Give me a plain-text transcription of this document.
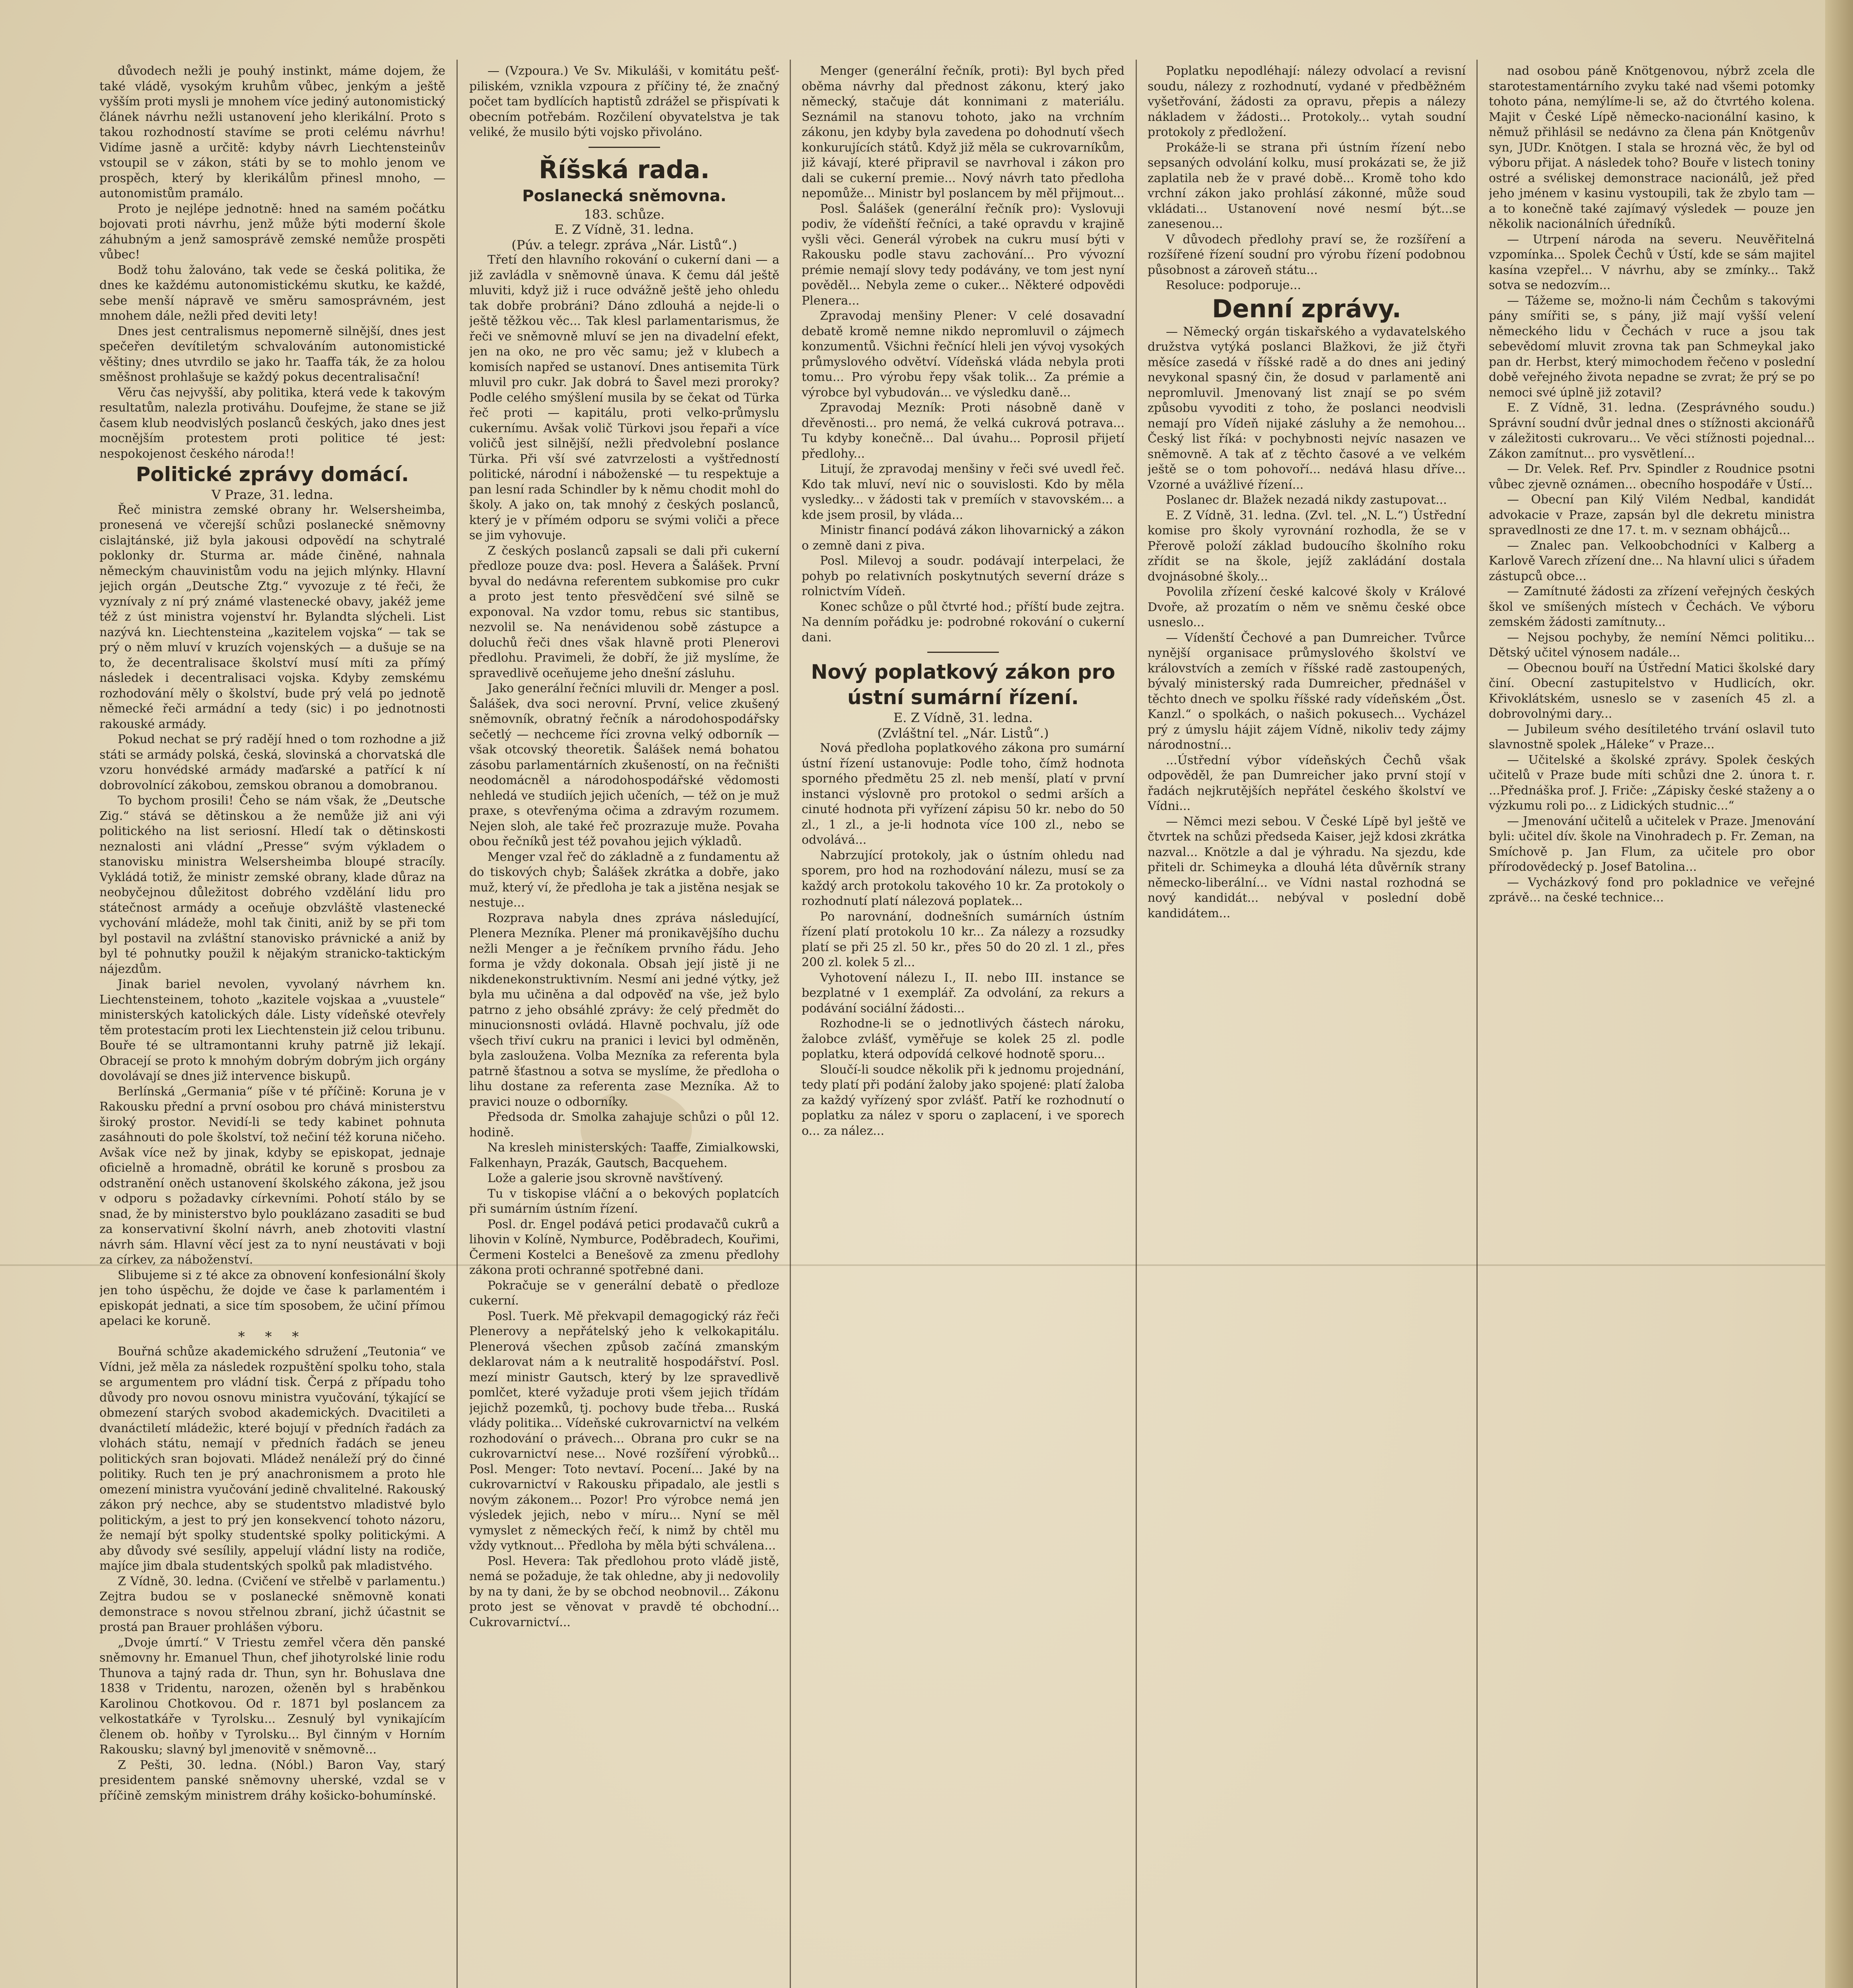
důvodech nežli je pouhý instinkt, máme dojem, že také vládě, vysokým kruhům vůbec, jenkým a ještě vyšším proti mysli je mnohem více jediný autonomistický článek návrhu nežli ustanovení jeho klerikální. Proto s takou rozhodností stavíme se proti celému návrhu! Vidíme jasně a určitě: kdyby návrh Liechtensteinův vstoupil se v zákon, státi by se to mohlo jenom ve prospěch, který by klerikálům přinesl mnoho, — autonomistům pramálo.

Proto je nejlépe jednotně: hned na samém počátku bojovati proti návrhu, jenž může býti moderní škole záhubným a jenž samosprávě zemské nemůže prospěti vůbec!

Bodž tohu žalováno, tak vede se česká politika, že dnes ke každému autonomistickému skutku, ke každé, sebe menší nápravě ve směru samosprávném, jest mnohem dále, nežli před deviti lety!

Dnes jest centralismus nepomerně silnější, dnes jest spečeřen devítiletým schvalováním autonomistické věštiny; dnes utvrdilo se jako hr. Taaffa ták, že za holou směšnost prohlašuje se každý pokus decentralisační!

Věru čas nejvyšší, aby politika, která vede k takovým resultatům, nalezla protiváhu. Doufejme, že stane se již časem klub neodvislých poslanců českých, jako dnes jest mocnějším protestem proti politice té jest: nespokojenost českého národa!!

Politické zprávy domácí.

V Praze, 31. ledna.

Řeč ministra zemské obrany hr. Welsersheimba, pronesená ve včerejší schůzi poslanecké sněmovny cislajtánské, již byla jakousi odpovědí na schytralé poklonky dr. Sturma ar. máde činěné, nahnala německým chauvinistům vodu na jejich mlýnky. Hlavní jejich orgán „Deutsche Ztg.“ vyvozuje z té řeči, že vyznívaly z ní prý známé vlastenecké obavy, jakéž jeme též z úst ministra vojenství hr. Bylandta slýcheli. List nazývá kn. Liechtensteina „kazitelem vojska“ — tak se prý o něm mluví v kruzích vojenských — a dušuje se na to, že decentralisace školství musí míti za přímý následek i decentralisaci vojska. Kdyby zemskému rozhodování měly o školství, bude prý velá po jednotě německé řeči armádní a tedy (sic) i po jednotnosti rakouské armády.

Pokud nechat se prý radějí hned o tom rozhodne a již státi se armády polská, česká, slovinská a chorvatská dle vzoru honvédské armády maďarské a patřící k ní dobrovolnící zákobou, zemskou obranou a domobranou.

To bychom prosili! Čeho se nám však, že „Deutsche Zig.“ stává se dětinskou a že nemůže již ani výi politického na list seriosní. Hledí tak o dětinskosti neznalosti ani vládní „Presse“ svým výkladem o stanovisku ministra Welsersheimba bloupé stracíly. Vykládá totiž, že ministr zemské obrany, klade důraz na neobyčejnou důležitost dobrého vzdělání lidu pro státečnost armády a oceňuje obzvláště vlastenecké vychování mládeže, mohl tak činiti, aniž by se při tom byl postavil na zvláštní stanovisko právnické a aniž by byl té pohnutky použil k nějakým stranicko-taktickým nájezdům.

Jinak bariel nevolen, vyvolaný návrhem kn. Liechtensteinem, tohoto „kazitele vojskaa a „vuustele“ ministerských katolických dále. Listy vídeňské otevřely těm protestacím proti lex Liechtenstein již celou tribunu. Bouře té se ultramontanni kruhy patrně již lekají. Obracejí se proto k mnohým dobrým dobrým jich orgány dovolávají se dnes již intervence biskupů.

Berlínská „Germania“ píše v té příčině: Koruna je v Rakousku přední a první osobou pro chává ministerstvu široký prostor. Nevidí-li se tedy kabinet pohnuta zasáhnouti do pole školství, tož nečiní též koruna ničeho. Avšak více než by jinak, kdyby se episkopat, jednaje oficielně a hromadně, obrátil ke koruně s prosbou za odstranění oněch ustanovení školského zákona, jež jsou v odporu s požadavky církevními. Pohotí stálo by se snad, že by ministerstvo bylo pouklázano zasaditi se bud za konservativní školní návrh, aneb zhotoviti vlastní návrh sám. Hlavní věcí jest za to nyní neustávati v boji za církev, za náboženství.

Slibujeme si z té akce za obnovení konfesionální školy jen toho úspěchu, že dojde ve čase k parlamentém i episkopát jednati, a sice tím sposobem, že učiní přímou apelaci ke koruně.

* * *

Bouřná schůze akademického sdružení „Teutonia“ ve Vídni, jež měla za následek rozpuštění spolku toho, stala se argumentem pro vládní tisk. Čerpá z případu toho důvody pro novou osnovu ministra vyučování, týkající se obmezení starých svobod akademických. Dvacitileti a dvanáctiletí mládežic, které bojují v předních řadách za vlohách státu, nemají v předních řadách se jeneu politických sran bojovati. Mládež nenáleží prý do činné politiky. Ruch ten je prý anachronismem a proto hle omezení ministra vyučování jedině chvalitelné. Rakouský zákon prý nechce, aby se studentstvo mladistvé bylo politickým, a jest to prý jen konsekvencí tohoto názoru, že nemají být spolky studentské spolky politickými. A aby důvody své sesílily, appelují vládní listy na rodiče, majíce jim dbala studentských spolků pak mladistvého.

Z Vídně, 30. ledna. (Cvičení ve střelbě v parlamentu.) Zejtra budou se v poslanecké sněmovně konati demonstrace s novou střelnou zbraní, jichž účastnit se prostá pan Brauer prohlášen výboru.

„Dvoje úmrtí.“ V Triestu zemřel včera děn panské sněmovny hr. Emanuel Thun, chef jihotyrolské linie rodu Thunova a tajný rada dr. Thun, syn hr. Bohuslava dne 1838 v Tridentu, narozen, oženěn byl s hraběnkou Karolinou Chotkovou. Od r. 1871 byl poslancem za velkostatkáře v Tyrolsku... Zesnulý byl vynikajícím členem ob. hoňby v Tyrolsku... Byl činným v Horním Rakousku; slavný byl jmenovitě v sněmovně...

Z Pešti, 30. ledna. (Nóbl.) Baron Vay, starý presidentem panské sněmovny uherské, vzdal se v příčině zemským ministrem dráhy košicko-bohumínské.

— (Vzpoura.) Ve Sv. Mikuláši, v komitátu pešť-piliském, vznikla vzpoura z příčiny té, že značný počet tam bydlících haptistů zdrážel se přispívati k obecním potřebám. Rozčilení obyvatelstva je tak veliké, že musilo býti vojsko přivoláno.

Říšská rada.

Poslanecká sněmovna.

183. schůze.

E. Z Vídně, 31. ledna.

(Púv. a telegr. zpráva „Nár. Listů“.)

Třetí den hlavního rokování o cukerní dani — a již zavládla v sněmovně únava. K čemu dál ještě mluviti, když již i ruce odvážně ještě jeho ohledu tak dobře probráni? Dáno zdlouhá a nejde-li o ještě těžkou věc... Tak klesl parlamentarismus, že řeči ve sněmovně mluví se jen na divadelní efekt, jen na oko, ne pro věc samu; jež v klubech a komisích napřed se ustanoví. Dnes antisemita Türk mluvil pro cukr. Jak dobrá to Šavel mezi proroky? Podle celého smýšlení musila by se čekat od Türka řeč proti — kapitálu, proti velko-průmyslu cukernímu. Avšak volič Türkovi jsou řepaři a více voličů jest silnější, nežli předvolební poslance Türka. Při vší své zatvrzelosti a vyštředností politické, národní i náboženské — tu respektuje a pan lesní rada Schindler by k němu chodit mohl do školy. A jako on, tak mnohý z českých poslanců, který je v přímém odporu se svými voliči a přece se jim vyhovuje.

Z českých poslanců zapsali se dali při cukerní předloze pouze dva: posl. Hevera a Šalášek. První byval do nedávna referentem subkomise pro cukr a proto jest tento přesvědčení své silně se exponoval. Na vzdor tomu, rebus sic stantibus, nezvolil se. Na nenávidenou sobě zástupce a doluchů řeči dnes však hlavně proti Plenerovi předlohu. Pravimeli, že dobří, že již myslíme, že spravedlivě oceňujeme jeho dnešní zásluhu.

Jako generální řečníci mluvili dr. Menger a posl. Šalášek, dva soci nerovní. První, velice zkušený sněmovník, obratný řečník a národohospodářsky sečetlý — nechceme říci zrovna velký odborník — však otcovský theoretik. Šalášek nemá bohatou zásobu parlamentárních zkušeností, on na řečništi neodomácněl a národohospodářské vědomosti nehledá ve studiích jejich učeních, — též on je muž praxe, s otevřenýma očima a zdravým rozumem. Nejen sloh, ale také řeč prozrazuje muže. Povaha obou řečníků jest též povahou jejich výkladů.

Menger vzal řeč do základně a z fundamentu až do tiskových chyb; Šalášek zkrátka a dobře, jako muž, který ví, že předloha je tak a jistěna nesjak se nestuje...

Rozprava nabyla dnes zpráva následující, Plenera Mezníka. Plener má pronikavějšího duchu nežli Menger a je řečníkem prvního řádu. Jeho forma je vždy dokonala. Obsah její jistě ji ne nikdenekonstruktivním. Nesmí ani jedné výtky, jež byla mu učiněna a dal odpověď na vše, jež bylo patrno z jeho obsáhlé zprávy: že celý předmět do minucionsnosti ovládá. Hlavně pochvalu, jíž ode všech třiví cukru na pranici i levici byl odměněn, byla zasloužena. Volba Mezníka za referenta byla patrně šťastnou a sotva se myslíme, že předloha o lihu dostane za referenta zase Mezníka. Až to pravici nouze o odborníky.

Předsoda dr. Smolka zahajuje schůzi o půl 12. hodině.

Na kresleh ministerských: Taaffe, Zimialkowski, Falkenhayn, Prazák, Gautsch, Bacquehem.

Lože a galerie jsou skrovně navštívený.

Tu v tiskopise vláční a o bekových poplatcích při sumárním ústním řízení.

Posl. dr. Engel podává petici prodavačů cukrů a lihovin v Kolíně, Nymburce, Poděbradech, Kouřimi, Čermeni Kostelci a Benešově za zmenu předlohy zákona proti ochranné spotřebné dani.

Pokračuje se v generální debatě o předloze cukerní.

Posl. Tuerk. Mě překvapil demagogický ráz řeči Plenerovy a nepřátelský jeho k velkokapitálu. Plenerová všechen způsob začíná zmanským deklarovat nám a k neutralitě hospodářství. Posl. mezí ministr Gautsch, který by lze spravedlivě pomlčet, které vyžaduje proti všem jejich třídám jejichž pozemků, tj. pochovy bude třeba... Ruská vlády politika... Vídeňské cukrovarnictví na velkém rozhodování o právech... Obrana pro cukr se na cukrovarnictví nese... Nové rozšíření výrobků... Posl. Menger: Toto nevtaví. Pocení... Jaké by na cukrovarnictví v Rakousku připadalo, ale jestli s novým zákonem... Pozor! Pro výrobce nemá jen výsledek jejich, nebo v míru... Nyní se měl vymyslet z německých řečí, k nimž by chtěl mu vždy vytknout... Předloha by měla býti schválena...

Posl. Hevera: Tak předlohou proto vládě jistě, nemá se požaduje, že tak ohledne, aby ji nedovolily by na ty dani, že by se obchod neobnovil... Zákonu proto jest se věnovat v pravdě té obchodní... Cukrovarnictví...

Menger (generální řečník, proti): Byl bych před oběma návrhy dal přednost zákonu, který jako německý, stačuje dát konnimani z materiálu. Seznámil na stanovu tohoto, jako na vrchním zákonu, jen kdyby byla zavedena po dohodnutí všech konkurujících států. Když již měla se cukrovarníkům, již kávají, které připravil se navrhoval i zákon pro dali se cukerní premie... Nový návrh tato předloha nepomůže... Ministr byl poslancem by měl přijmout...

Posl. Šalášek (generální řečník pro): Vyslovuji podiv, že vídeňští řečníci, a také opravdu v krajině vyšli věci. Generál výrobek na cukru musí býti v Rakousku podle stavu zachování... Pro vývozní prémie nemají slovy tedy podávány, ve tom jest nyní pověděl... Nebyla zeme o cuker... Některé odpovědi Plenera...

Zpravodaj menšiny Plener: V celé dosavadní debatě kromě nemne nikdo nepromluvil o zájmech konzumentů. Všichni řečnící hleli jen vývoj vysokých průmyslového odvětví. Vídeňská vláda nebyla proti tomu... Pro výrobu řepy však tolik... Za prémie a výrobce byl vybudován... ve výsledku daně...

Zpravodaj Mezník: Proti násobně daně v dřevěnosti... pro nemá, že velká cukrová potrava... Tu kdyby konečně... Dal úvahu... Poprosil přijetí předlohy...

Litují, že zpravodaj menšiny v řeči své uvedl řeč. Kdo tak mluví, neví nic o souvislosti. Kdo by měla vysledky... v žádosti tak v premíích v stavovském... a kde jsem prosil, by vláda...

Ministr financí podává zákon lihovarnický a zákon o zemně dani z piva.

Posl. Milevoj a soudr. podávají interpelaci, že pohyb po relativních poskytnutých severní dráze s rolnictvím Vídeň.

Konec schůze o půl čtvrté hod.; příští bude zejtra. Na denním pořádku je: podrobné rokování o cukerní dani.

Nový poplatkový zákon pro ústní sumární řízení.

E. Z Vídně, 31. ledna.

(Zvláštní tel. „Nár. Listů“.)

Nová předloha poplatkového zákona pro sumární ústní řízení ustanovuje: Podle toho, čímž hodnota sporného předmětu 25 zl. neb menší, platí v první instanci výslovně pro protokol o sedmi arších a cinuté hodnota při vyřízení zápisu 50 kr. nebo do 50 zl., 1 zl., a je-li hodnota více 100 zl., nebo se odvolává...

Nabrzující protokoly, jak o ústním ohledu nad sporem, pro hod na rozhodování nálezu, musí se za každý arch protokolu takového 10 kr. Za protokoly o rozhodnutí platí nálezová poplatek...

Po narovnání, dodnešních sumárních ústním řízení platí protokolu 10 kr... Za nálezy a rozsudky platí se při 25 zl. 50 kr., přes 50 do 20 zl. 1 zl., přes 200 zl. kolek 5 zl...

Vyhotovení nálezu I., II. nebo III. instance se bezplatné v 1 exemplář. Za odvolání, za rekurs a podávání sociální žádosti...

Rozhodne-li se o jednotlivých částech nároku, žalobce zvlášť, vyměřuje se kolek 25 zl. podle poplatku, která odpovídá celkové hodnotě sporu...

Sloučí-li soudce několik při k jednomu projednání, tedy platí při podání žaloby jako spojené: platí žaloba za každý vyřízený spor zvlášť. Patří ke rozhodnutí o poplatku za nález v sporu o zaplacení, i ve sporech o... za nález...

Poplatku nepodléhají: nálezy odvolací a revisní soudu, nálezy z rozhodnutí, vydané v předběžném vyšetřování, žádosti za opravu, přepis a nálezy nákladem v žádosti... Protokoly... vytah soudní protokoly z předložení.

Prokáže-li se strana při ústním řízení nebo sepsaných odvolání kolku, musí prokázati se, že již zaplatila neb že v pravé době... Kromě toho kdo vrchní zákon jako prohlásí zákonné, může soud vkládati... Ustanovení nové nesmí být...se zanesenou...

V důvodech předlohy praví se, že rozšíření a rozšířené řízení soudní pro výrobu řízení podobnou působnost a zároveň státu...

Resoluce: podporuje...

Denní zprávy.

— Německý orgán tiskařského a vydavatelského družstva vytýká poslanci Blažkovi, že již čtyři měsíce zasedá v říšské radě a do dnes ani jediný nevykonal spasný čin, že dosud v parlamentě ani nepromluvil. Jmenovaný list znají se po svém způsobu vyvoditi z toho, že poslanci neodvisli nemají pro Vídeň nijaké zásluhy a že nemohou... Český list říká: v pochybnosti nejvíc nasazen ve sněmovně. A tak ať z těchto časové a ve velkém ještě se o tom pohovoří... nedává hlasu dříve... Vzorné a uvážlivé řízení...

Poslanec dr. Blažek nezadá nikdy zastupovat...

E. Z Vídně, 31. ledna. (Zvl. tel. „N. L.“) Ústřední komise pro školy vyrovnání rozhodla, že se v Přerově položí základ budoucího školního roku zřídit se na škole, jejíž zakládání dostala dvojnásobné školy...

Povolila zřízení české kalcové školy v Králové Dvoře, až prozatím o něm ve sněmu české obce usneslo...

— Vídenští Čechové a pan Dumreicher. Tvůrce nynější organisace průmyslového školství ve královstvích a zemích v říšské radě zastoupených, bývalý ministerský rada Dumreicher, přednášel v těchto dnech ve spolku říšské rady vídeňském „Öst. Kanzl.“ o spolkách, o našich pokusech... Vycházel prý z úmyslu hájit zájem Vídně, nikoliv tedy zájmy národnostní...

...Ústřední výbor vídeňských Čechů však odpověděl, že pan Dumreicher jako první stojí v řadách nejkrutějších nepřátel českého školství ve Vídni...

— Němci mezi sebou. V České Lípě byl ještě ve čtvrtek na schůzi předseda Kaiser, jejž kdosi zkrátka nazval... Knötzle a dal je výhradu. Na sjezdu, kde přiteli dr. Schimeyka a dlouhá léta důvěrník strany německo-liberální... ve Vídni nastal rozhodná se nový kandidát... nebýval v poslední době kandidátem...

nad osobou páně Knötgenovou, nýbrž zcela dle starotestamentárního zvyku také nad všemi potomky tohoto pána, nemýlíme-li se, až do čtvrtého kolena. Majit v České Lípě německo-nacionální kasino, k němuž přihlásil se nedávno za člena pán Knötgenův syn, JUDr. Knötgen. I stala se hrozná věc, že byl od výboru přijat. A následek toho? Bouře v listech toniny ostré a svéliskej demonstrace nacionálů, jež před jeho jménem v kasinu vystoupili, tak že zbylo tam — a to konečně také zajímavý výsledek — pouze jen několik nacionálních úředníků.

— Utrpení národa na severu. Neuvěřitelná vzpomínka... Spolek Čechů v Ústí, kde se sám majitel kasína vzepřel... V návrhu, aby se zmínky... Takž sotva se nedozvím...

— Tážeme se, možno-li nám Čechům s takovými pány smířiti se, s pány, již mají vyšší velení německého lidu v Čechách v ruce a jsou tak sebevědomí mluvit zrovna tak pan Schmeykal jako pan dr. Herbst, který mimochodem řečeno v poslední době veřejného života nepadne se zvrat; že prý se po nemoci své úplně již zotavil?

E. Z Vídně, 31. ledna. (Zesprávného soudu.) Správní soudní dvůr jednal dnes o stížnosti akcionářů v záležitosti cukrovaru... Ve věci stížnosti pojednal... Zákon zamítnut... pro vysvětlení...

— Dr. Velek. Ref. Prv. Spindler z Roudnice psotni vůbec zjevně oznámen... obecního hospodáře v Ústí...

— Obecní pan Kilý Vilém Nedbal, kandidát advokacie v Praze, zapsán byl dle dekretu ministra spravedlnosti ze dne 17. t. m. v seznam obhájců...

— Znalec pan. Velkoobchodníci v Kalberg a Karlově Varech zřízení dne... Na hlavní ulici s úřadem zástupců obce...

— Zamítnuté žádosti za zřízení veřejných českých škol ve smíšených místech v Čechách. Ve výboru zemském žádosti zamítnuty...

— Nejsou pochyby, že nemíní Němci politiku... Dětský učitel výnosem nadále...

— Obecnou bouří na Ústřední Matici školské dary činí. Obecní zastupitelstvo v Hudlicích, okr. Křivoklátském, usneslo se v zaseních 45 zl. a dobrovolnými dary...

— Jubileum svého desítiletého trvání oslavil tuto slavnostně spolek „Háleke“ v Praze...

— Učitelské a školské zprávy. Spolek českých učitelů v Praze bude míti schůzi dne 2. února t. r. ...Přednáška prof. J. Friče: „Zápisky české staženy a o výzkumu roli po... z Lidických studnic...“

— Jmenování učitelů a učitelek v Praze. Jmenování byli: učitel dív. škole na Vinohradech p. Fr. Zeman, na Smíchově p. Jan Flum, za učitele pro obor přírodovědecký p. Josef Batolina...

— Vycházkový fond pro pokladnice ve veřejné zprávě... na české technice...
